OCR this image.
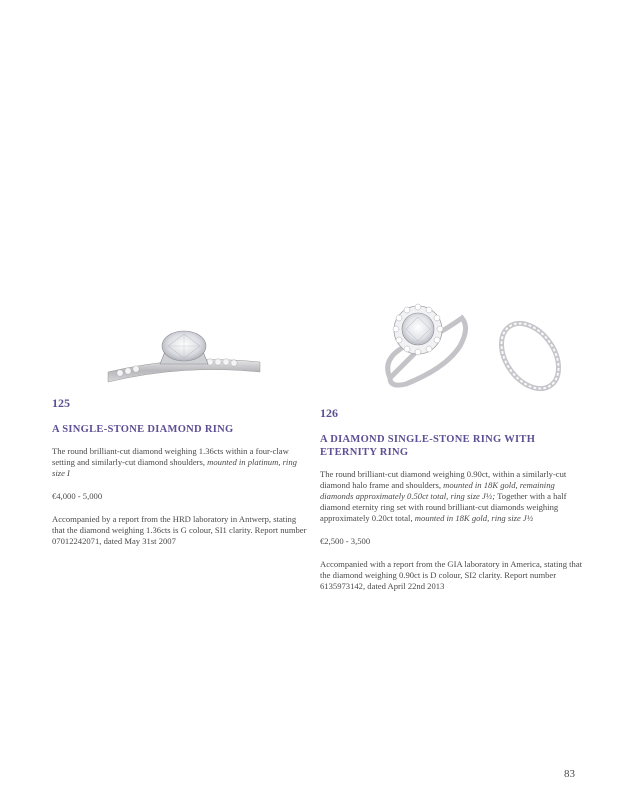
125

A SINGLE-STONE DIAMOND RING

The round brilliant-cut diamond weighing 1.36cts within a four-claw setting and similarly-cut diamond shoulders, mounted in platinum, ring size I

€4,000 - 5,000

Accompanied by a report from the HRD laboratory in Antwerp, stating that the diamond weighing 1.36cts is G colour, SI1 clarity. Report number 07012242071, dated May 31st 2007

126

A DIAMOND SINGLE-STONE RING WITH ETERNITY RING

The round brilliant-cut diamond weighing 0.90ct, within a similarly-cut diamond halo frame and shoulders, mounted in 18K gold, remaining diamonds approximately 0.50ct total, ring size J½; Together with a half diamond eternity ring set with round brilliant-cut diamonds weighing approximately 0.20ct total, mounted in 18K gold, ring size J½

€2,500 - 3,500

Accompanied with a report from the GIA laboratory in America, stating that the diamond weighing 0.90ct is D colour, SI2 clarity. Report number 6135973142, dated April 22nd 2013

83
